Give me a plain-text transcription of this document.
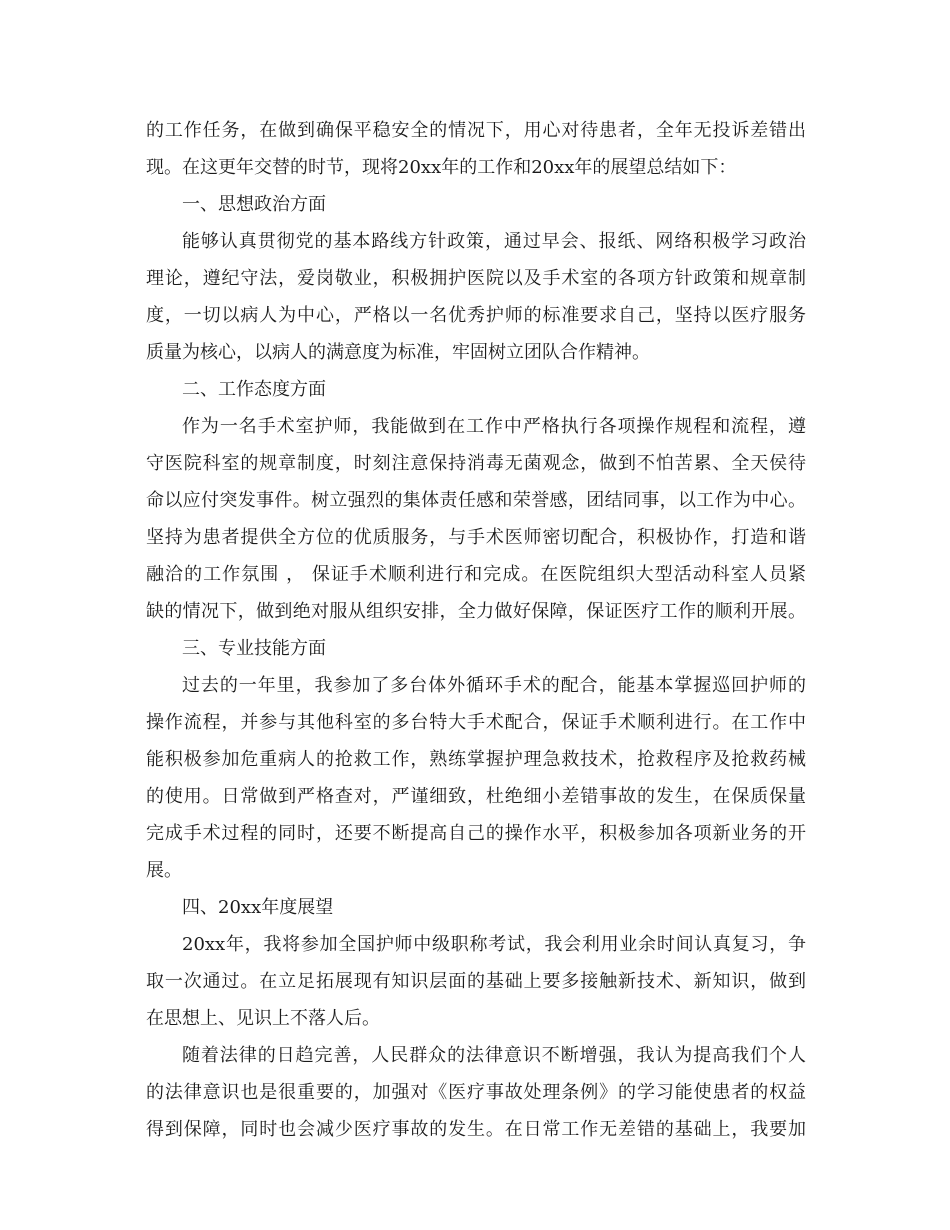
的工作任务，在做到确保平稳安全的情况下，用心对待患者，全年无投诉差错出
现。在这更年交替的时节，现将20xx年的工作和20xx年的展望总结如下：
一、思想政治方面
能够认真贯彻党的基本路线方针政策，通过早会、报纸、网络积极学习政治
理论，遵纪守法，爱岗敬业，积极拥护医院以及手术室的各项方针政策和规章制
度，一切以病人为中心，严格以一名优秀护师的标准要求自己，坚持以医疗服务
质量为核心，以病人的满意度为标准，牢固树立团队合作精神。
二、工作态度方面
作为一名手术室护师，我能做到在工作中严格执行各项操作规程和流程，遵
守医院科室的规章制度，时刻注意保持消毒无菌观念，做到不怕苦累、全天侯待
命以应付突发事件。树立强烈的集体责任感和荣誉感，团结同事，以工作为中心。
坚持为患者提供全方位的优质服务，与手术医师密切配合，积极协作，打造和谐
融洽的工作氛围 ， 保证手术顺利进行和完成。在医院组织大型活动科室人员紧
缺的情况下，做到绝对服从组织安排，全力做好保障，保证医疗工作的顺利开展。
三、专业技能方面
过去的一年里，我参加了多台体外循环手术的配合，能基本掌握巡回护师的
操作流程，并参与其他科室的多台特大手术配合，保证手术顺利进行。在工作中
能积极参加危重病人的抢救工作，熟练掌握护理急救技术，抢救程序及抢救药械
的使用。日常做到严格查对，严谨细致，杜绝细小差错事故的发生，在保质保量
完成手术过程的同时，还要不断提高自己的操作水平，积极参加各项新业务的开
展。
四、20xx年度展望
20xx年，我将参加全国护师中级职称考试，我会利用业余时间认真复习，争
取一次通过。在立足拓展现有知识层面的基础上要多接触新技术、新知识，做到
在思想上、见识上不落人后。
随着法律的日趋完善，人民群众的法律意识不断增强，我认为提高我们个人
的法律意识也是很重要的，加强对《医疗事故处理条例》的学习能使患者的权益
得到保障，同时也会减少医疗事故的发生。在日常工作无差错的基础上，我要加
